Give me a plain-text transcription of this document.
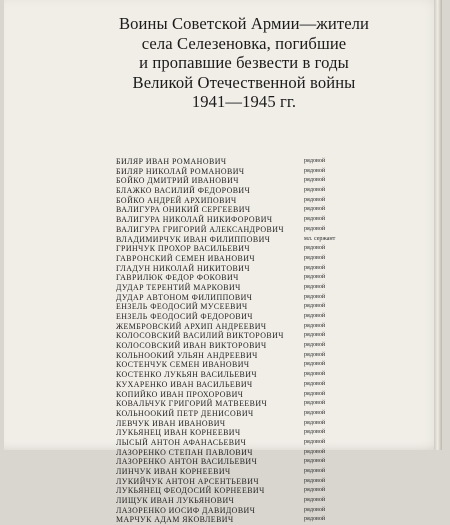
Воины Советской Армии—жители
села Селезеновка, погибшие
и пропавшие безвести в годы
Великой Отечественной войны
1941—1945 гг.
БИЛЯР ИВАН РОМАНОВИЧ	рядовой
БИЛЯР НИКОЛАЙ РОМАНОВИЧ	рядовой
БОЙКО ДМИТРИЙ ИВАНОВИЧ	рядовой
БЛАЖКО ВАСИЛИЙ ФЕДОРОВИЧ	рядовой
БОЙКО АНДРЕЙ АРХИПОВИЧ	рядовой
ВАЛИГУРА ОНИКИЙ СЕРГЕЕВИЧ	рядовой
ВАЛИГУРА НИКОЛАЙ НИКИФОРОВИЧ	рядовой
ВАЛИГУРА ГРИГОРИЙ АЛЕКСАНДРОВИЧ	рядовой
ВЛАДИМИРЧУК ИВАН ФИЛИППОВИЧ	мл. сержант
ГРИНЧУК ПРОХОР ВАСИЛЬЕВИЧ	рядовой
ГАВРОНСКИЙ СЕМЕН ИВАНОВИЧ	рядовой
ГЛАДУН НИКОЛАЙ НИКИТОВИЧ	рядовой
ГАВРИЛЮК ФЕДОР ФОКОВИЧ	рядовой
ДУДАР ТЕРЕНТИЙ МАРКОВИЧ	рядовой
ДУДАР АВТОНОМ ФИЛИППОВИЧ	рядовой
ЕНЗЕЛЬ ФЕОДОСИЙ МУСЕЕВИЧ	рядовой
ЕНЗЕЛЬ ФЕОДОСИЙ ФЕДОРОВИЧ	рядовой
ЖЕМБРОВСКИЙ АРХИП АНДРЕЕВИЧ	рядовой
КОЛОСОВСКИЙ ВАСИЛИЙ ВИКТОРОВИЧ	рядовой
КОЛОСОВСКИЙ ИВАН ВИКТОРОВИЧ	рядовой
КОЛЬНООКИЙ УЛЬЯН АНДРЕЕВИЧ	рядовой
КОСТЕНЧУК СЕМЕН ИВАНОВИЧ	рядовой
КОСТЕНКО ЛУКЬЯН ВАСИЛЬЕВИЧ	рядовой
КУХАРЕНКО ИВАН ВАСИЛЬЕВИЧ	рядовой
КОПИЙКО ИВАН ПРОХОРОВИЧ	рядовой
КОВАЛЬЧУК ГРИГОРИЙ МАТВЕЕВИЧ	рядовой
КОЛЬНООКИЙ ПЕТР ДЕНИСОВИЧ	рядовой
ЛЕВЧУК ИВАН ИВАНОВИЧ	рядовой
ЛУКЬЯНЕЦ ИВАН КОРНЕЕВИЧ	рядовой
ЛЫСЫЙ АНТОН АФАНАСЬЕВИЧ	рядовой
ЛАЗОРЕНКО СТЕПАН ПАВЛОВИЧ	рядовой
ЛАЗОРЕНКО АНТОН ВАСИЛЬЕВИЧ	рядовой
ЛИНЧУК ИВАН КОРНЕЕВИЧ	рядовой
ЛУКИЙЧУК АНТОН АРСЕНТЬЕВИЧ	рядовой
ЛУКЬЯНЕЦ ФЕОДОСИЙ КОРНЕЕВИЧ	рядовой
ЛИЩУК ИВАН ЛУКЬЯНОВИЧ	рядовой
ЛАЗОРЕНКО ИОСИФ ДАВИДОВИЧ	рядовой
МАРЧУК АДАМ ЯКОВЛЕВИЧ	рядовой
